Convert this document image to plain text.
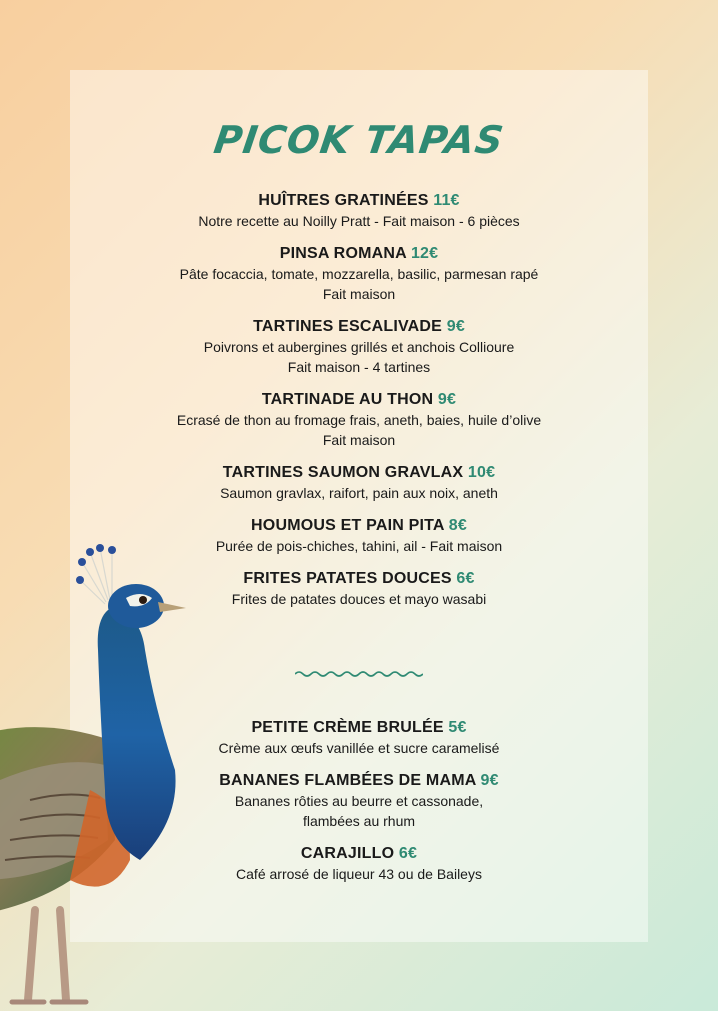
PICOK TAPAS
HUÎTRES GRATINÉES 11€
Notre recette au Noilly Pratt - Fait maison - 6 pièces
PINSA ROMANA 12€
Pâte focaccia, tomate, mozzarella, basilic, parmesan rapé
Fait maison
TARTINES ESCALIVADE 9€
Poivrons et aubergines grillés et anchois Collioure
Fait maison - 4 tartines
TARTINADE AU THON 9€
Ecrasé de thon au fromage frais, aneth, baies, huile d’olive
Fait maison
TARTINES SAUMON GRAVLAX 10€
Saumon gravlax, raifort, pain aux noix, aneth
HOUMOUS ET PAIN PITA 8€
Purée de pois-chiches, tahini, ail - Fait maison
FRITES PATATES DOUCES 6€
Frites de patates douces et mayo wasabi
PETITE CRÈME BRULÉE 5€
Crème aux œufs vanillée et sucre caramelisé
BANANES FLAMBÉES DE MAMA 9€
Bananes rôties au beurre et cassonade,
flambées au rhum
CARAJILLO 6€
Café arrosé de liqueur 43 ou de Baileys
